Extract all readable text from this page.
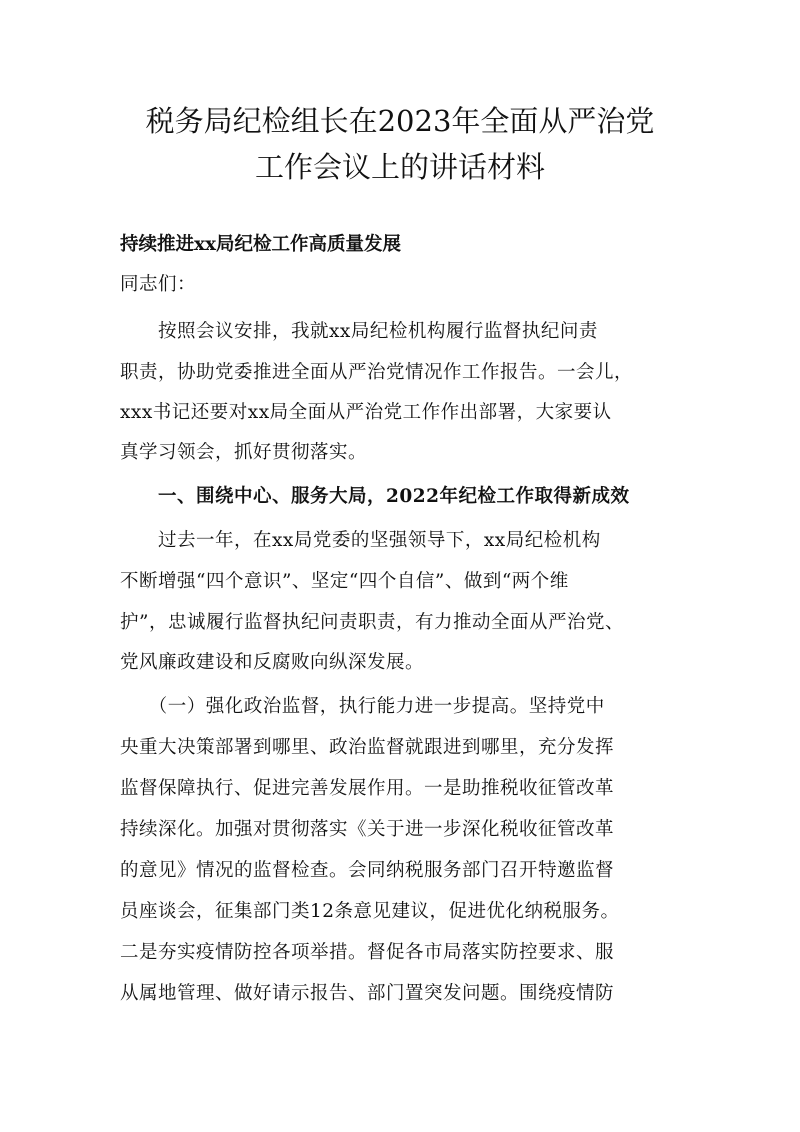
税务局纪检组长在2023年全面从严治党
工作会议上的讲话材料
持续推进xx局纪检工作高质量发展
同志们：
　　按照会议安排，我就xx局纪检机构履行监督执纪问责
职责，协助党委推进全面从严治党情况作工作报告。一会儿，
xxx书记还要对xx局全面从严治党工作作出部署，大家要认
真学习领会，抓好贯彻落实。
　　一、围绕中心、服务大局，2022年纪检工作取得新成效
　　过去一年，在xx局党委的坚强领导下，xx局纪检机构
不断增强“四个意识”、坚定“四个自信”、做到“两个维
护”，忠诚履行监督执纪问责职责，有力推动全面从严治党、
党风廉政建设和反腐败向纵深发展。
　　（一）强化政治监督，执行能力进一步提高。坚持党中
央重大决策部署到哪里、政治监督就跟进到哪里，充分发挥
监督保障执行、促进完善发展作用。一是助推税收征管改革
持续深化。加强对贯彻落实《关于进一步深化税收征管改革
的意见》情况的监督检查。会同纳税服务部门召开特邀监督
员座谈会，征集部门类12条意见建议，促进优化纳税服务。
二是夯实疫情防控各项举措。督促各市局落实防控要求、服
从属地管理、做好请示报告、部门置突发问题。围绕疫情防
